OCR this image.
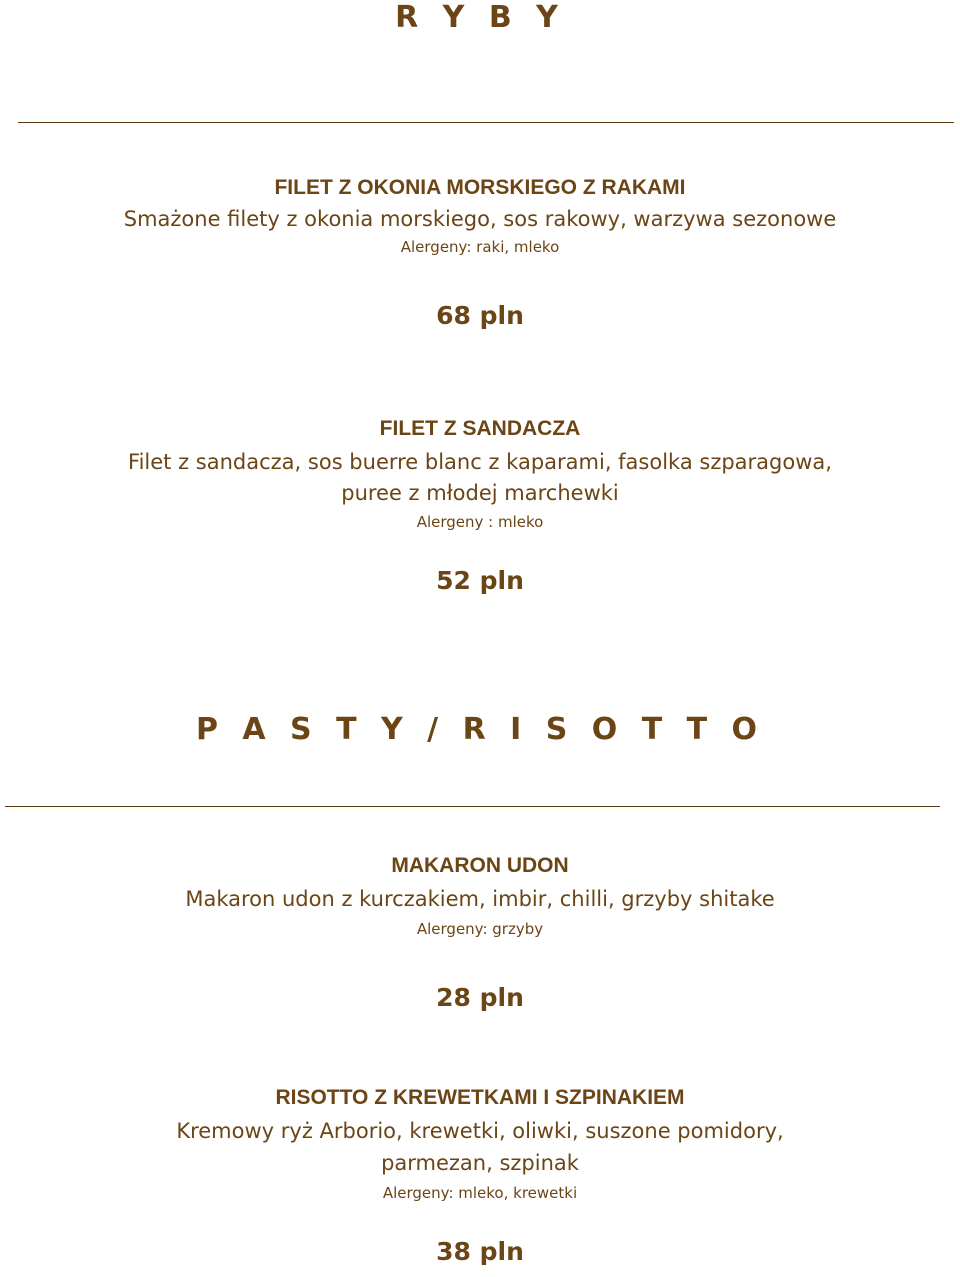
R Y B Y
FILET Z OKONIA MORSKIEGO Z RAKAMI
Smażone filety z okonia morskiego, sos rakowy, warzywa sezonowe
Alergeny: raki, mleko
68 pln
FILET Z SANDACZA
Filet z sandacza, sos buerre blanc z kaparami, fasolka szparagowa,
puree z młodej marchewki
Alergeny : mleko
52 pln
P A S T Y / R I S O T T O
MAKARON UDON
Makaron udon z kurczakiem, imbir, chilli, grzyby shitake
Alergeny: grzyby
28 pln
RISOTTO Z KREWETKAMI I SZPINAKIEM
Kremowy ryż Arborio, krewetki, oliwki, suszone pomidory,
parmezan, szpinak
Alergeny: mleko, krewetki
38 pln
